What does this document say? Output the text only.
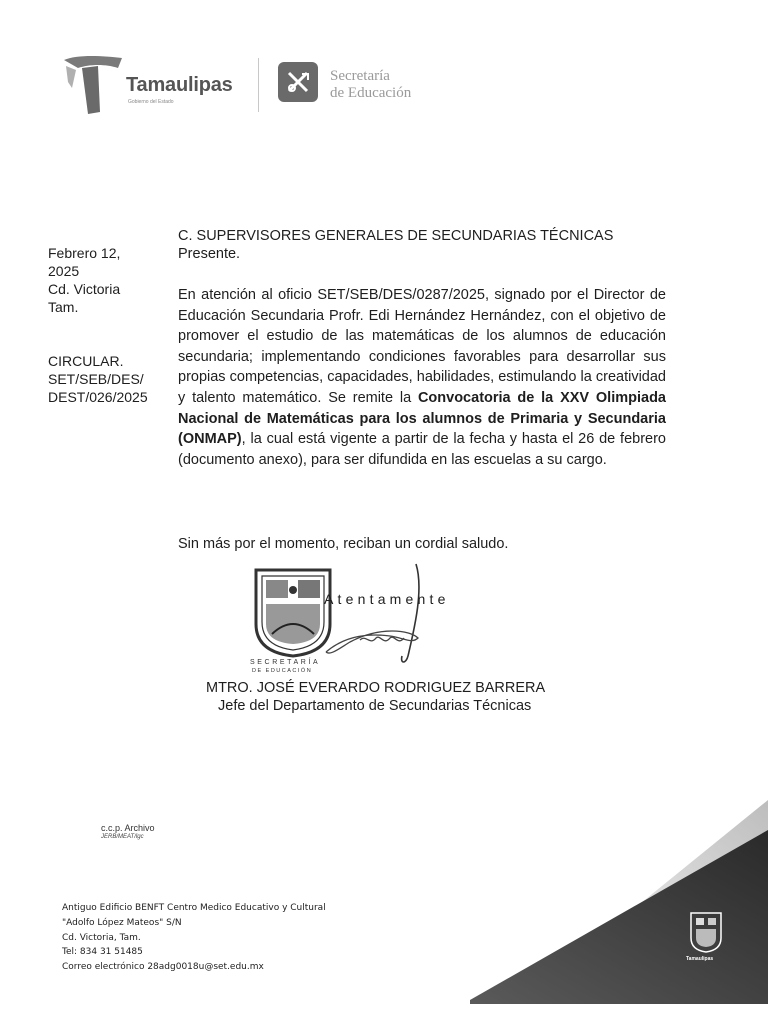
Tamaulipas
Gobierno del Estado
Secretaría
de Educación
Febrero 12,
2025
Cd. Victoria
Tam.
CIRCULAR.
SET/SEB/DES/
DEST/026/2025
C. SUPERVISORES GENERALES DE SECUNDARIAS TÉCNICAS
Presente.
En atención al oficio SET/SEB/DES/0287/2025, signado por el Director de Educación Secundaria Profr. Edi Hernández Hernández, con el objetivo de promover el estudio de las matemáticas de los alumnos de educación secundaria; implementando condiciones favorables para desarrollar sus propias competencias, capacidades, habilidades, estimulando la creatividad y talento matemático. Se remite la Convocatoria de la XXV Olimpiada Nacional de Matemáticas para los alumnos de Primaria y Secundaria (ONMAP), la cual está vigente a partir de la fecha y hasta el 26 de febrero (documento anexo), para ser difundida en las escuelas a su cargo.
Sin más por el momento, reciban un cordial saludo.
SECRETARÍA
DE EDUCACIÓN
Atentamente
MTRO. JOSÉ EVERARDO RODRIGUEZ BARRERA
Jefe del Departamento de Secundarias Técnicas
c.c.p. Archivo
JERB/MEAT/lgc
Antiguo Edificio BENFT Centro Medico Educativo y Cultural
"Adolfo López Mateos" S/N
Cd. Victoria, Tam.
Tel: 834 31 51485
Correo electrónico 28adg0018u@set.edu.mx
Tamaulipas
